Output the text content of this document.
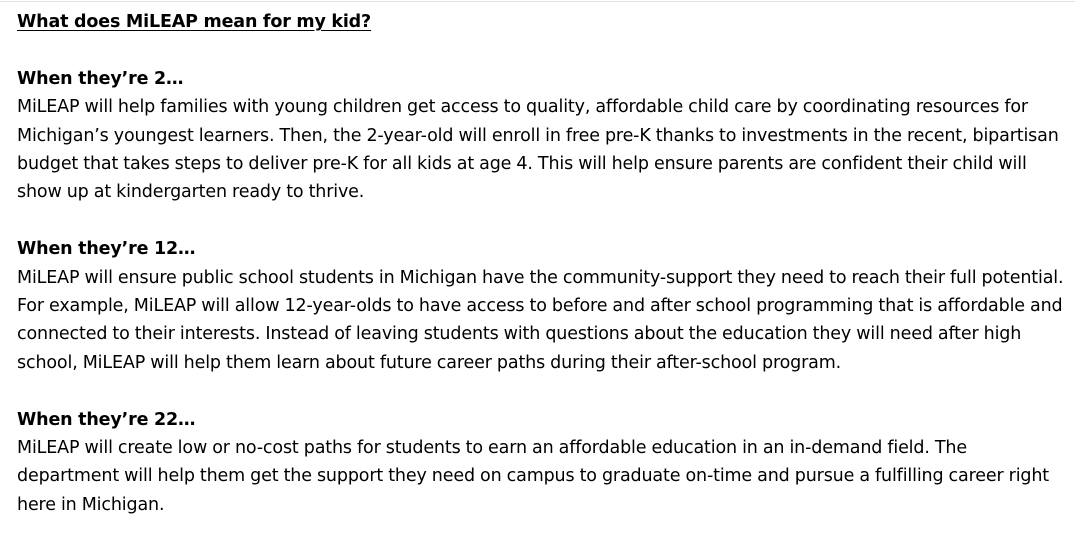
What does MiLEAP mean for my kid?

When they’re 2…

MiLEAP will help families with young children get access to quality, affordable child care by coordinating resources for Michigan’s youngest learners. Then, the 2-year-old will enroll in free pre-K thanks to investments in the recent, bipartisan budget that takes steps to deliver pre-K for all kids at age 4. This will help ensure parents are confident their child will show up at kindergarten ready to thrive.

When they’re 12…

MiLEAP will ensure public school students in Michigan have the community-support they need to reach their full potential. For example, MiLEAP will allow 12-year-olds to have access to before and after school programming that is affordable and connected to their interests. Instead of leaving students with questions about the education they will need after high school, MiLEAP will help them learn about future career paths during their after-school program.

When they’re 22…

MiLEAP will create low or no-cost paths for students to earn an affordable education in an in-demand field. The department will help them get the support they need on campus to graduate on-time and pursue a fulfilling career right here in Michigan.
